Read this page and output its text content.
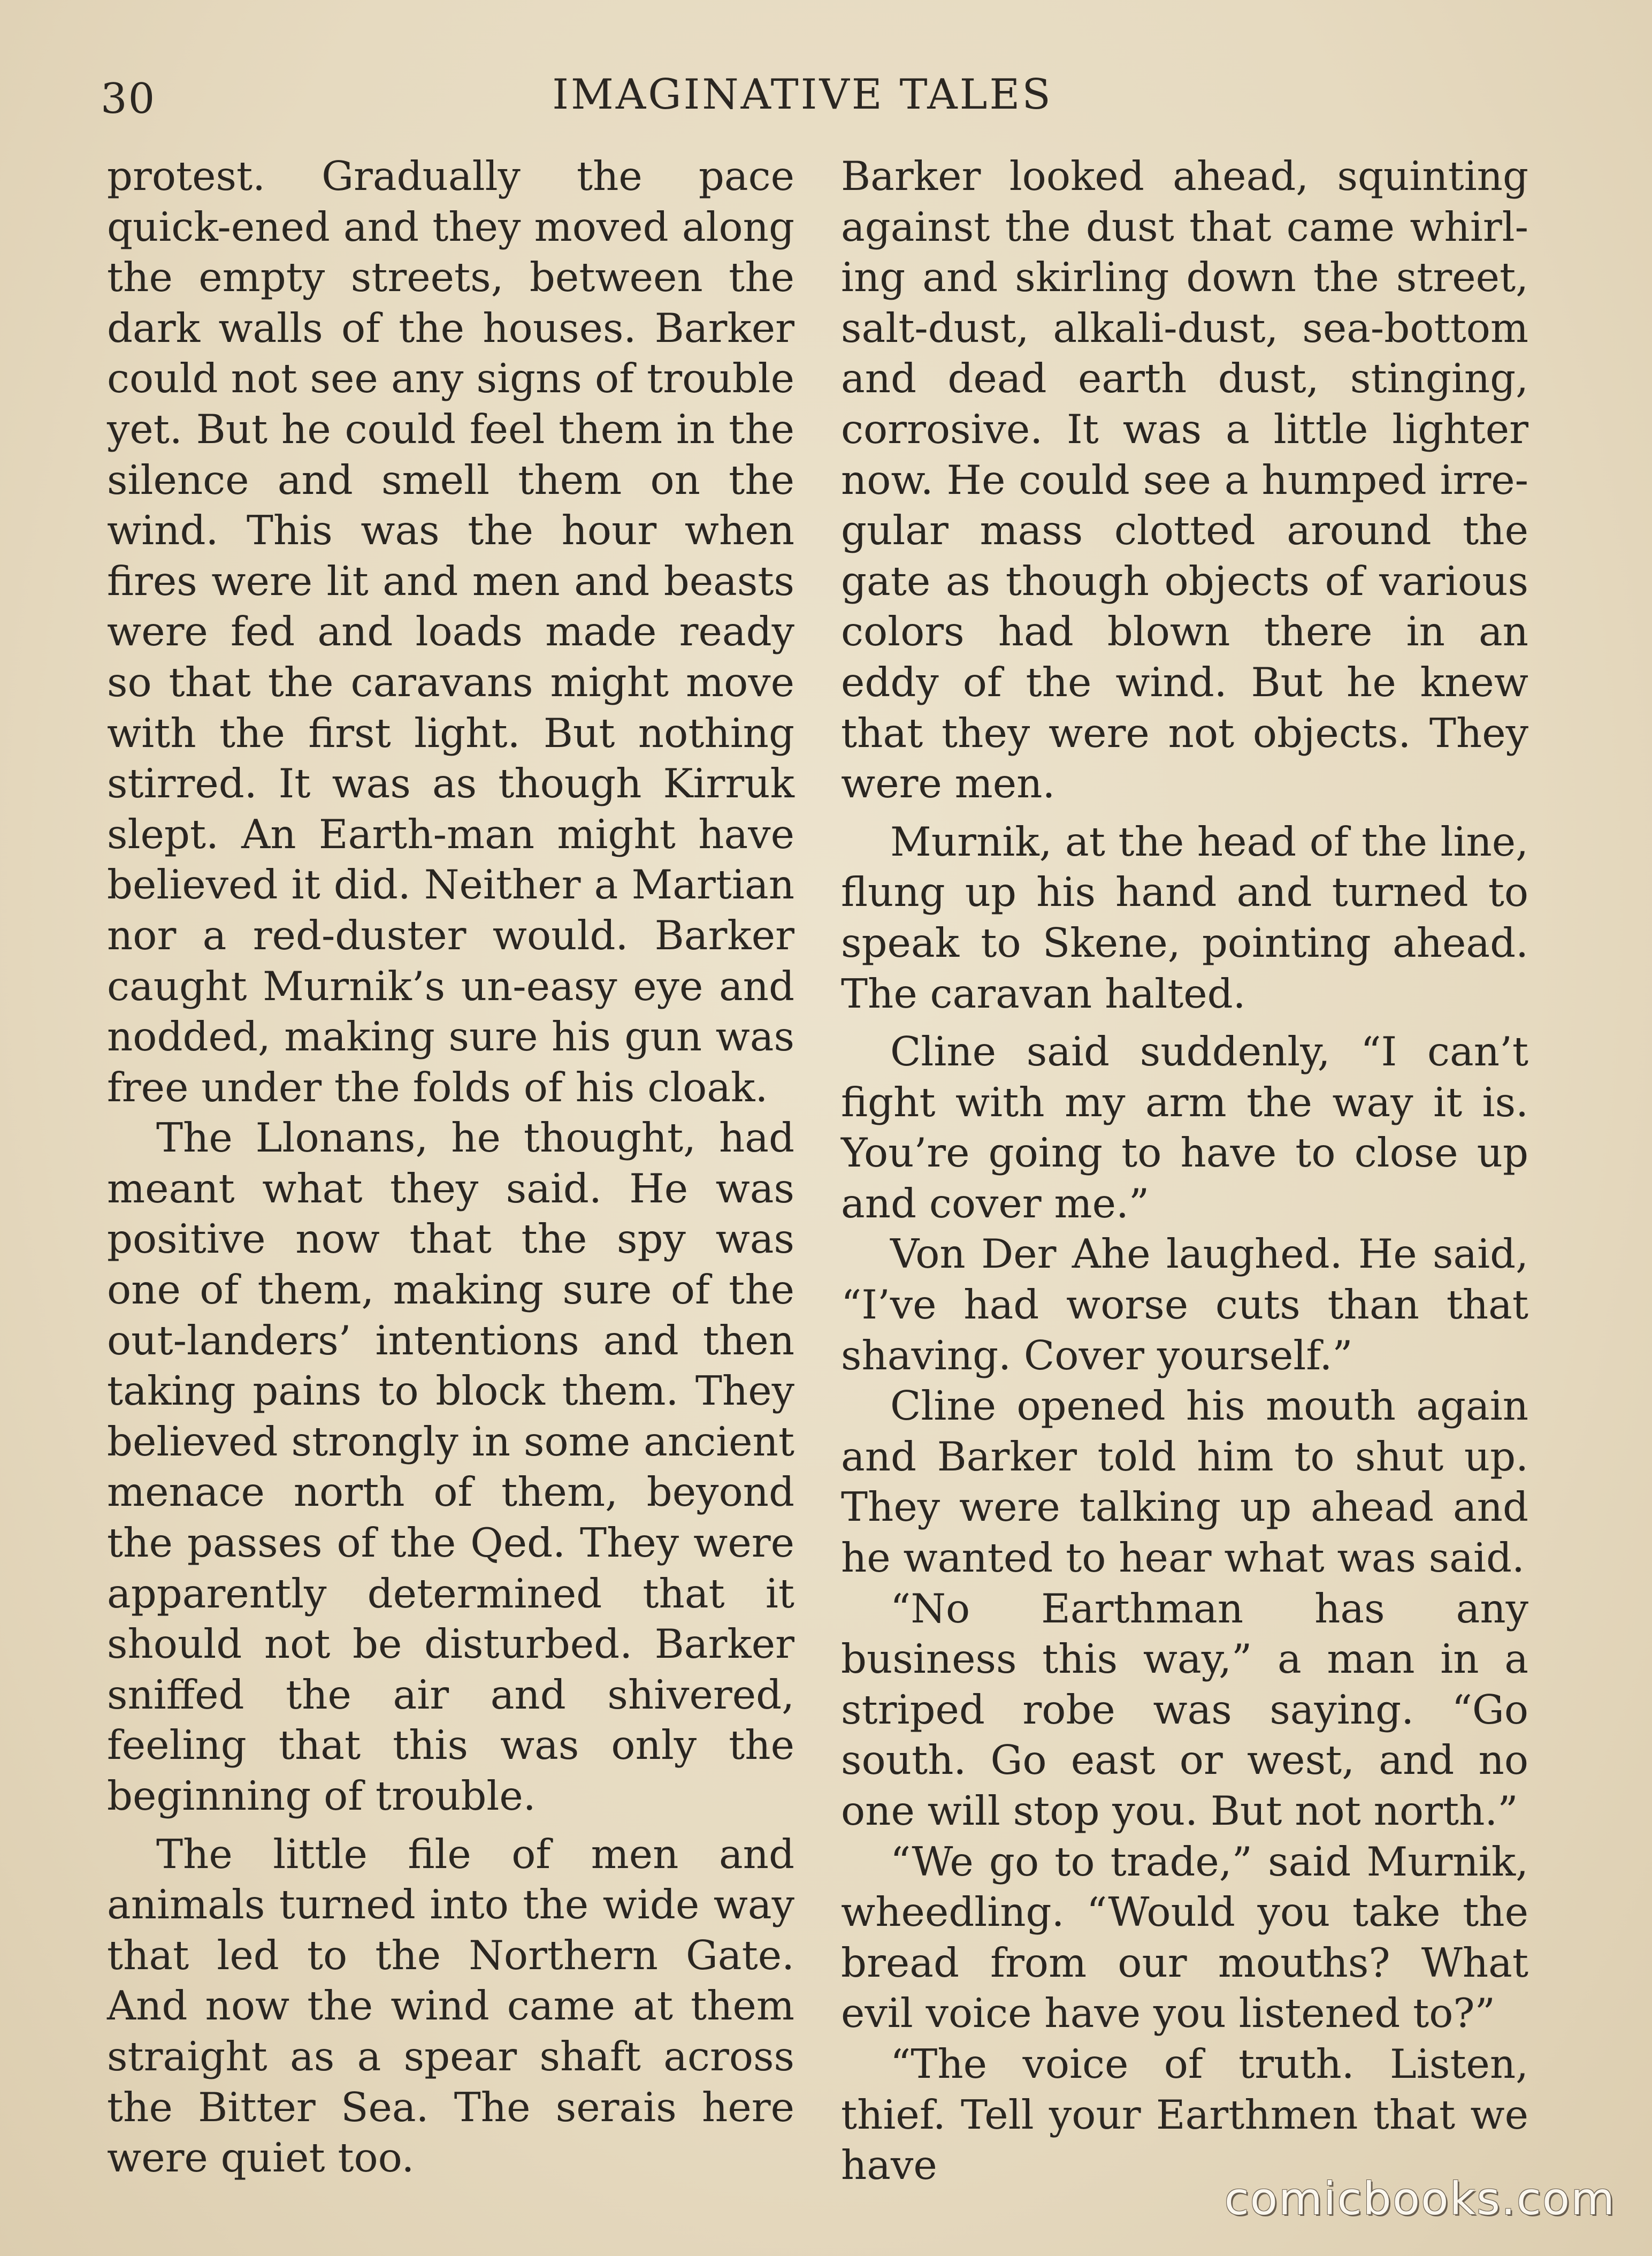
30	IMAGINATIVE TALES

protest. Gradually the pace quick-ened and they moved along the empty streets, between the dark walls of the houses. Barker could not see any signs of trouble yet. But he could feel them in the silence and smell them on the wind. This was the hour when fires were lit and men and beasts were fed and loads made ready so that the caravans might move with the first light. But nothing stirred. It was as though Kirruk slept. An Earth-man might have believed it did. Neither a Martian nor a red-duster would. Barker caught Murnik’s un-easy eye and nodded, making sure his gun was free under the folds of his cloak.

The Llonans, he thought, had meant what they said. He was positive now that the spy was one of them, making sure of the out-landers’ intentions and then taking pains to block them. They believed strongly in some ancient menace north of them, beyond the passes of the Qed. They were apparently determined that it should not be disturbed. Barker sniffed the air and shivered, feeling that this was only the beginning of trouble.

The little file of men and animals turned into the wide way that led to the Northern Gate. And now the wind came at them straight as a spear shaft across the Bitter Sea. The serais here were quiet too.

Barker looked ahead, squinting against the dust that came whirl-ing and skirling down the street, salt-dust, alkali-dust, sea-bottom and dead earth dust, stinging, corrosive. It was a little lighter now. He could see a humped irre-gular mass clotted around the gate as though objects of various colors had blown there in an eddy of the wind. But he knew that they were not objects. They were men.

Murnik, at the head of the line, flung up his hand and turned to speak to Skene, pointing ahead. The caravan halted.

Cline said suddenly, “I can’t fight with my arm the way it is. You’re going to have to close up and cover me.”

Von Der Ahe laughed. He said, “I’ve had worse cuts than that shaving. Cover yourself.”

Cline opened his mouth again and Barker told him to shut up. They were talking up ahead and he wanted to hear what was said.

“No Earthman has any business this way,” a man in a striped robe was saying. “Go south. Go east or west, and no one will stop you. But not north.”

“We go to trade,” said Murnik, wheedling. “Would you take the bread from our mouths? What evil voice have you listened to?”

“The voice of truth. Listen, thief. Tell your Earthmen that we have

comicbooks.com
